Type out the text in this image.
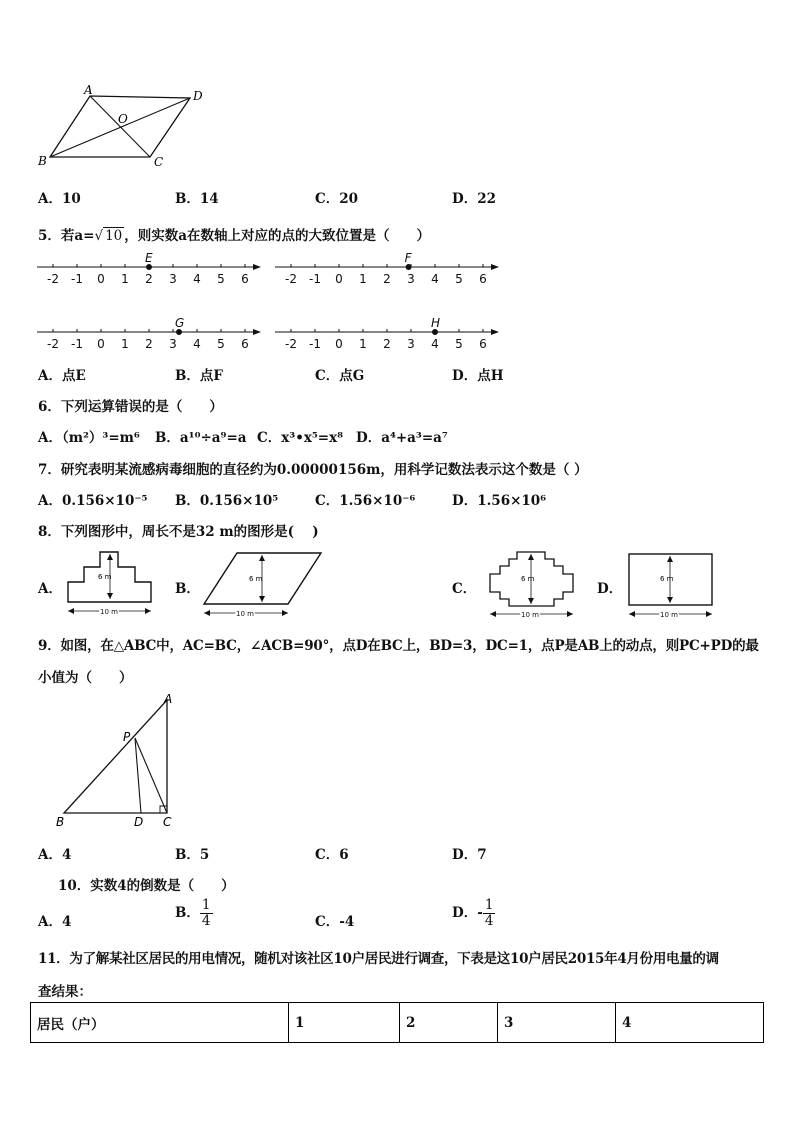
A	D
O
B	C
A．10	B．14	C．20	D．22
5．若a=√ 10 ，则实数a在数轴上对应的点的大致位置是（　　）
-2 -1 0 1 2 3 4 5 6
E
-2 -1 0 1 2 3 4 5 6
F
-2 -1 0 1 2 3 4 5 6
G
-2 -1 0 1 2 3 4 5 6
H
A．点E	B．点F	C．点G	D．点H
6．下列运算错误的是（　　）
A．（m²）³=m⁶ B．a¹⁰÷a⁹=a C．x³•x⁵=x⁸ D．a⁴+a³=a⁷
7．研究表明某流感病毒细胞的直径约为0.00000156m，用科学记数法表示这个数是（ ）
A．0.156×10⁻⁵ B．0.156×10⁵	C．1.56×10⁻⁶	D．1.56×10⁶
8．下列图形中，周长不是32 m的图形是(　 )
A．
6 m
10 m
B．
6 m
10 m
C．
6 m
10 m
D．
6 m
10 m
9．如图，在△ABC中，AC=BC，∠ACB=90°，点D在BC上，BD=3，DC=1，点P是AB上的动点，则PC+PD的最
小值为（　　）
A
P
B	D C
A．4	B．5	C．6	D．7
10．实数4的倒数是（　　）
A．4
B． $\frac{1}{4}$	C．-4
D．- $\frac{1}{4}$
11．为了解某社区居民的用电情况，随机对该社区10户居民进行调查，下表是这10户居民2015年4月份用电量的调
查结果：
居民（户）	1	2	3	4
